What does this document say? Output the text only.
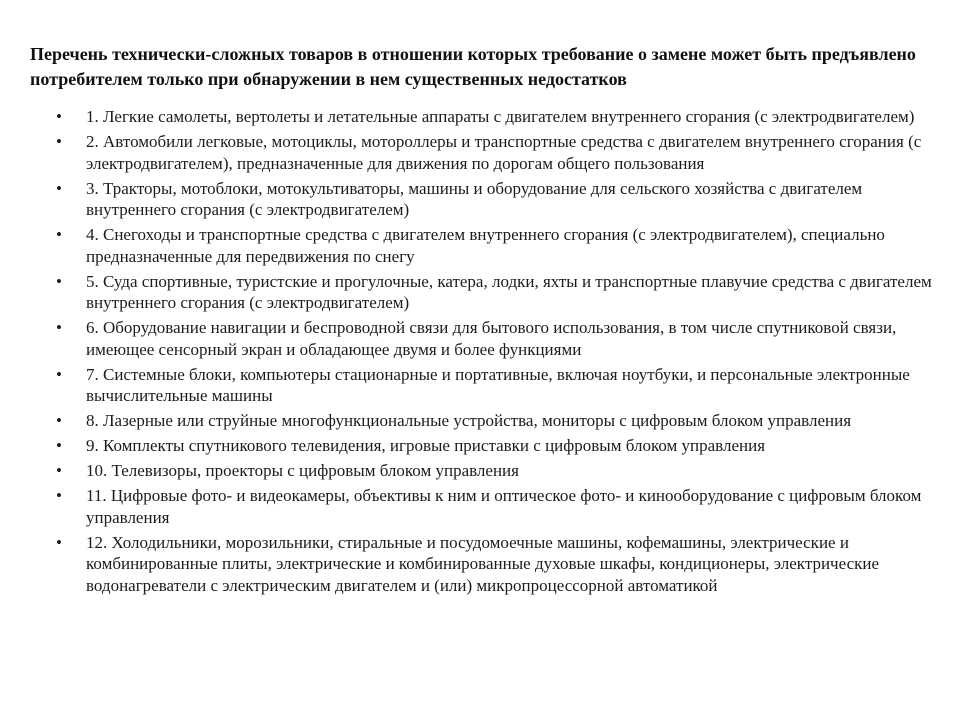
Перечень технически-сложных товаров в отношении которых требование о замене может быть предъявлено потребителем только при обнаружении в нем существенных недостатков
•	1. Легкие самолеты, вертолеты и летательные аппараты с двигателем внутреннего сгорания (с электродвигателем)
•	2. Автомобили легковые, мотоциклы, мотороллеры и транспортные средства с двигателем внутреннего сгорания (с электродвигателем), предназначенные для движения по дорогам общего пользования
•	3. Тракторы, мотоблоки, мотокультиваторы, машины и оборудование для сельского хозяйства с двигателем внутреннего сгорания (с электродвигателем)
•	4. Снегоходы и транспортные средства с двигателем внутреннего сгорания (с электродвигателем), специально предназначенные для передвижения по снегу
•	5. Суда спортивные, туристские и прогулочные, катера, лодки, яхты и транспортные плавучие средства с двигателем внутреннего сгорания (с электродвигателем)
•	6. Оборудование навигации и беспроводной связи для бытового использования, в том числе спутниковой связи, имеющее сенсорный экран и обладающее двумя и более функциями
•	7. Системные блоки, компьютеры стационарные и портативные, включая ноутбуки, и персональные электронные вычислительные машины
•	8. Лазерные или струйные многофункциональные устройства, мониторы с цифровым блоком управления
•	9. Комплекты спутникового телевидения, игровые приставки с цифровым блоком управления
•	10. Телевизоры, проекторы с цифровым блоком управления
•	11. Цифровые фото- и видеокамеры, объективы к ним и оптическое фото- и кинооборудование с цифровым блоком управления
•	12. Холодильники, морозильники, стиральные и посудомоечные машины, кофемашины, электрические и комбинированные плиты, электрические и комбинированные духовые шкафы, кондиционеры, электрические водонагреватели с электрическим двигателем и (или) микропроцессорной автоматикой
